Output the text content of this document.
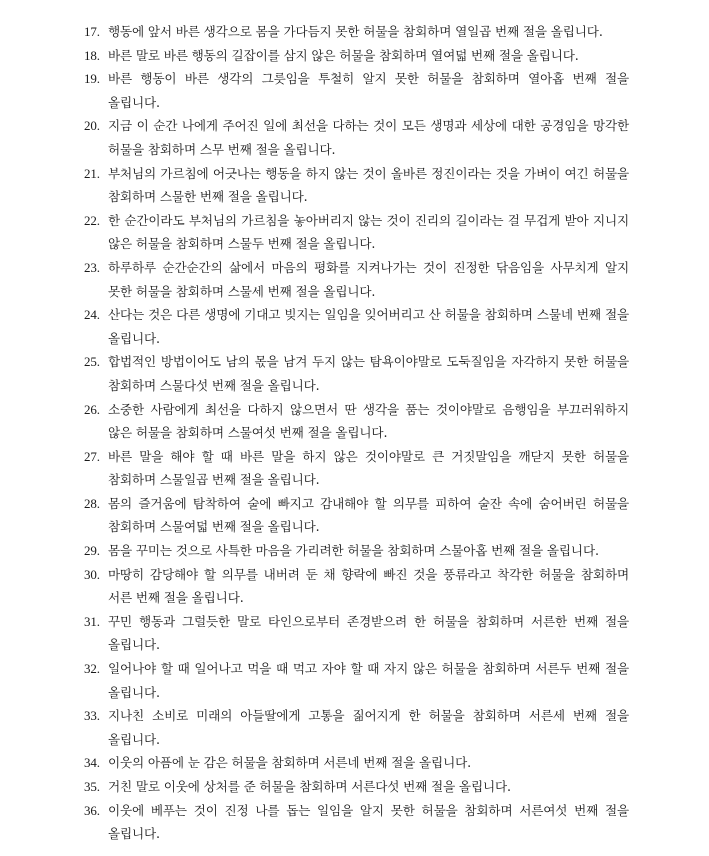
17. 행동에 앞서 바른 생각으로 몸을 가다듬지 못한 허물을 참회하며 열일곱 번째 절을 올립니다.
18. 바른 말로 바른 행동의 길잡이를 삼지 않은 허물을 참회하며 열여덟 번째 절을 올립니다.
19. 바른 행동이 바른 생각의 그릇임을 투철히 알지 못한 허물을 참회하며 열아홉 번째 절을 올립니다.
20. 지금 이 순간 나에게 주어진 일에 최선을 다하는 것이 모든 생명과 세상에 대한 공경임을 망각한 허물을 참회하며 스무 번째 절을 올립니다.
21. 부처님의 가르침에 어긋나는 행동을 하지 않는 것이 올바른 정진이라는 것을 가벼이 여긴 허물을 참회하며 스물한 번째 절을 올립니다.
22. 한 순간이라도 부처님의 가르침을 놓아버리지 않는 것이 진리의 길이라는 걸 무겁게 받아 지니지 않은 허물을 참회하며 스물두 번째 절을 올립니다.
23. 하루하루 순간순간의 삶에서 마음의 평화를 지켜나가는 것이 진정한 닦음임을 사무치게 알지 못한 허물을 참회하며 스물세 번째 절을 올립니다.
24. 산다는 것은 다른 생명에 기대고 빚지는 일임을 잊어버리고 산 허물을 참회하며 스물네 번째 절을 올립니다.
25. 합법적인 방법이어도 남의 몫을 남겨 두지 않는 탐욕이야말로 도둑질임을 자각하지 못한 허물을 참회하며 스물다섯 번째 절을 올립니다.
26. 소중한 사람에게 최선을 다하지 않으면서 딴 생각을 품는 것이야말로 음행임을 부끄러워하지 않은 허물을 참회하며 스물여섯 번째 절을 올립니다.
27. 바른 말을 해야 할 때 바른 말을 하지 않은 것이야말로 큰 거짓말임을 깨닫지 못한 허물을 참회하며 스물일곱 번째 절을 올립니다.
28. 몸의 즐거움에 탐착하여 술에 빠지고 감내해야 할 의무를 피하여 술잔 속에 숨어버린 허물을 참회하며 스물여덟 번째 절을 올립니다.
29. 몸을 꾸미는 것으로 사특한 마음을 가리려한 허물을 참회하며 스물아홉 번째 절을 올립니다.
30. 마땅히 감당해야 할 의무를 내버려 둔 채 향락에 빠진 것을 풍류라고 착각한 허물을 참회하며 서른 번째 절을 올립니다.
31. 꾸민 행동과 그럴듯한 말로 타인으로부터 존경받으려 한 허물을 참회하며 서른한 번째 절을 올립니다.
32. 일어나야 할 때 일어나고 먹을 때 먹고 자야 할 때 자지 않은 허물을 참회하며 서른두 번째 절을 올립니다.
33. 지나친 소비로 미래의 아들딸에게 고통을 짊어지게 한 허물을 참회하며 서른세 번째 절을 올립니다.
34. 이웃의 아픔에 눈 감은 허물을 참회하며 서른네 번째 절을 올립니다.
35. 거친 말로 이웃에 상처를 준 허물을 참회하며 서른다섯 번째 절을 올립니다.
36. 이웃에 베푸는 것이 진정 나를 돕는 일임을 알지 못한 허물을 참회하며 서른여섯 번째 절을 올립니다.
